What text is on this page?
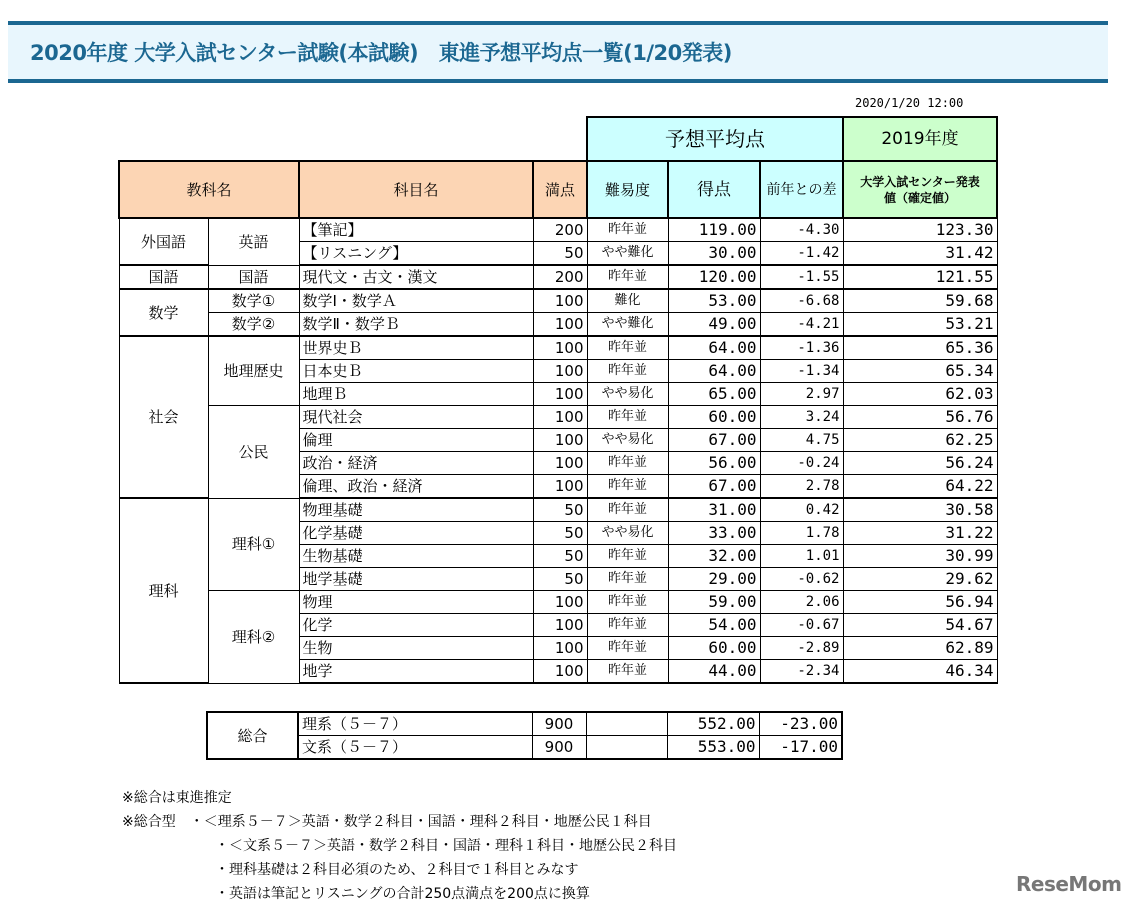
2020年度 大学入試センター試験(本試験)　東進予想平均点一覧(1/20発表)
2020/1/20 12:00
				予想平均点			2019年度
教科名		科目名	満点	難易度	得点	前年との差	大学入試センター発表値（確定値）
外国語	英語	【筆記】	200	昨年並	119.00	-4.30	123.30
		【リスニング】	50	やや難化	30.00	-1.42	31.42
国語	国語	現代文・古文・漢文	200	昨年並	120.00	-1.55	121.55
数学	数学①	数学Ⅰ・数学Ａ	100	難化	53.00	-6.68	59.68
	数学②	数学Ⅱ・数学Ｂ	100	やや難化	49.00	-4.21	53.21
社会	地理歴史	世界史Ｂ	100	昨年並	64.00	-1.36	65.36
		日本史Ｂ	100	昨年並	64.00	-1.34	65.34
		地理Ｂ	100	やや易化	65.00	2.97	62.03
	公民	現代社会	100	昨年並	60.00	3.24	56.76
		倫理	100	やや易化	67.00	4.75	62.25
		政治・経済	100	昨年並	56.00	-0.24	56.24
		倫理、政治・経済	100	昨年並	67.00	2.78	64.22
理科	理科①	物理基礎	50	昨年並	31.00	0.42	30.58
		化学基礎	50	やや易化	33.00	1.78	31.22
		生物基礎	50	昨年並	32.00	1.01	30.99
		地学基礎	50	昨年並	29.00	-0.62	29.62
	理科②	物理	100	昨年並	59.00	2.06	56.94
		化学	100	昨年並	54.00	-0.67	54.67
		生物	100	昨年並	60.00	-2.89	62.89
		地学	100	昨年並	44.00	-2.34	46.34
総合	理系（５－７）	900		552.00	-23.00
	文系（５－７）	900		553.00	-17.00
※総合は東進推定
※総合型　・＜理系５－７＞英語・数学２科目・国語・理科２科目・地歴公民１科目
・＜文系５－７＞英語・数学２科目・国語・理科１科目・地歴公民２科目
・理科基礎は２科目必須のため、２科目で１科目とみなす
・英語は筆記とリスニングの合計250点満点を200点に換算	ReseMom
